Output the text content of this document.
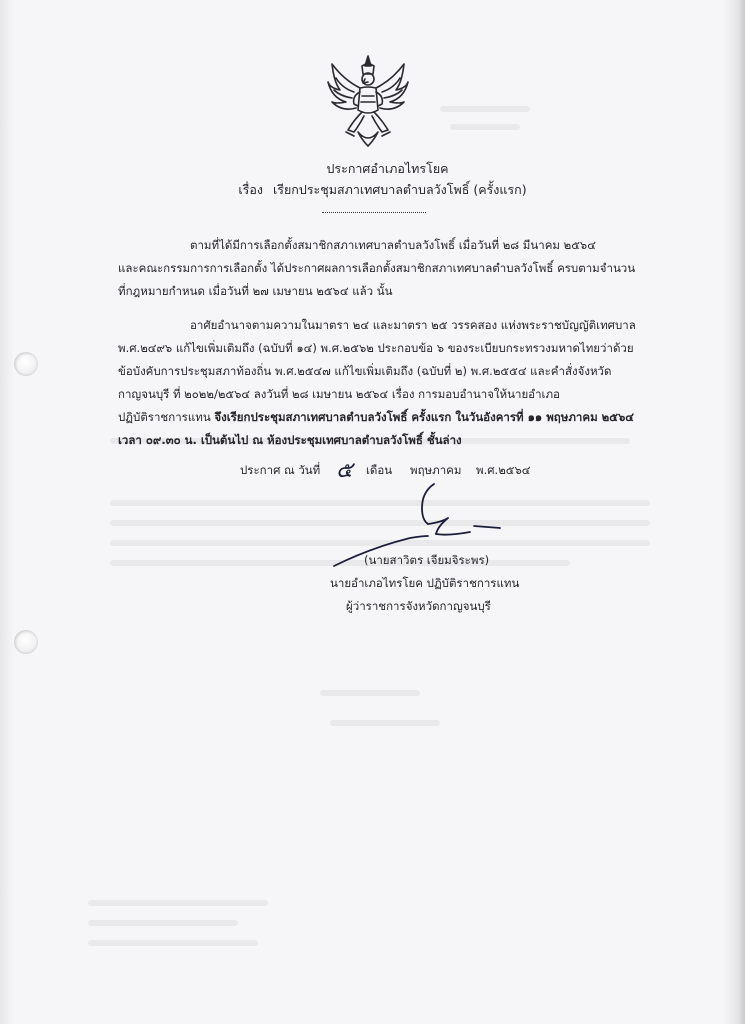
ประกาศอำเภอไทรโยค
เรื่อง เรียกประชุมสภาเทศบาลตำบลวังโพธิ์ (ครั้งแรก)
ตามที่ได้มีการเลือกตั้งสมาชิกสภาเทศบาลตำบลวังโพธิ์ เมื่อวันที่ ๒๘ มีนาคม ๒๕๖๔
และคณะกรรมการการเลือกตั้ง ได้ประกาศผลการเลือกตั้งสมาชิกสภาเทศบาลตำบลวังโพธิ์ ครบตามจำนวน
ที่กฎหมายกำหนด เมื่อวันที่ ๒๗ เมษายน ๒๕๖๔ แล้ว นั้น
อาศัยอำนาจตามความในมาตรา ๒๔ และมาตรา ๒๕ วรรคสอง แห่งพระราชบัญญัติเทศบาล
พ.ศ.๒๔๙๖ แก้ไขเพิ่มเติมถึง (ฉบับที่ ๑๔) พ.ศ.๒๕๖๒ ประกอบข้อ ๖ ของระเบียบกระทรวงมหาดไทยว่าด้วย
ข้อบังคับการประชุมสภาท้องถิ่น พ.ศ.๒๕๔๗ แก้ไขเพิ่มเติมถึง (ฉบับที่ ๒) พ.ศ.๒๕๕๔ และคำสั่งจังหวัด
กาญจนบุรี ที่ ๒๐๒๒/๒๕๖๔ ลงวันที่ ๒๘ เมษายน ๒๕๖๔ เรื่อง การมอบอำนาจให้นายอำเภอ
ปฏิบัติราชการแทน จึงเรียกประชุมสภาเทศบาลตำบลวังโพธิ์ ครั้งแรก ในวันอังคารที่ ๑๑ พฤษภาคม ๒๕๖๔
เวลา ๐๙.๓๐ น. เป็นต้นไป ณ ห้องประชุมเทศบาลตำบลวังโพธิ์ ชั้นล่าง
ประกาศ ณ วันที่ ๕ เดือน พฤษภาคม พ.ศ.๒๕๖๔
(นายสาวิตร เจียมจิระพร)
นายอำเภอไทรโยค ปฏิบัติราชการแทน
ผู้ว่าราชการจังหวัดกาญจนบุรี
